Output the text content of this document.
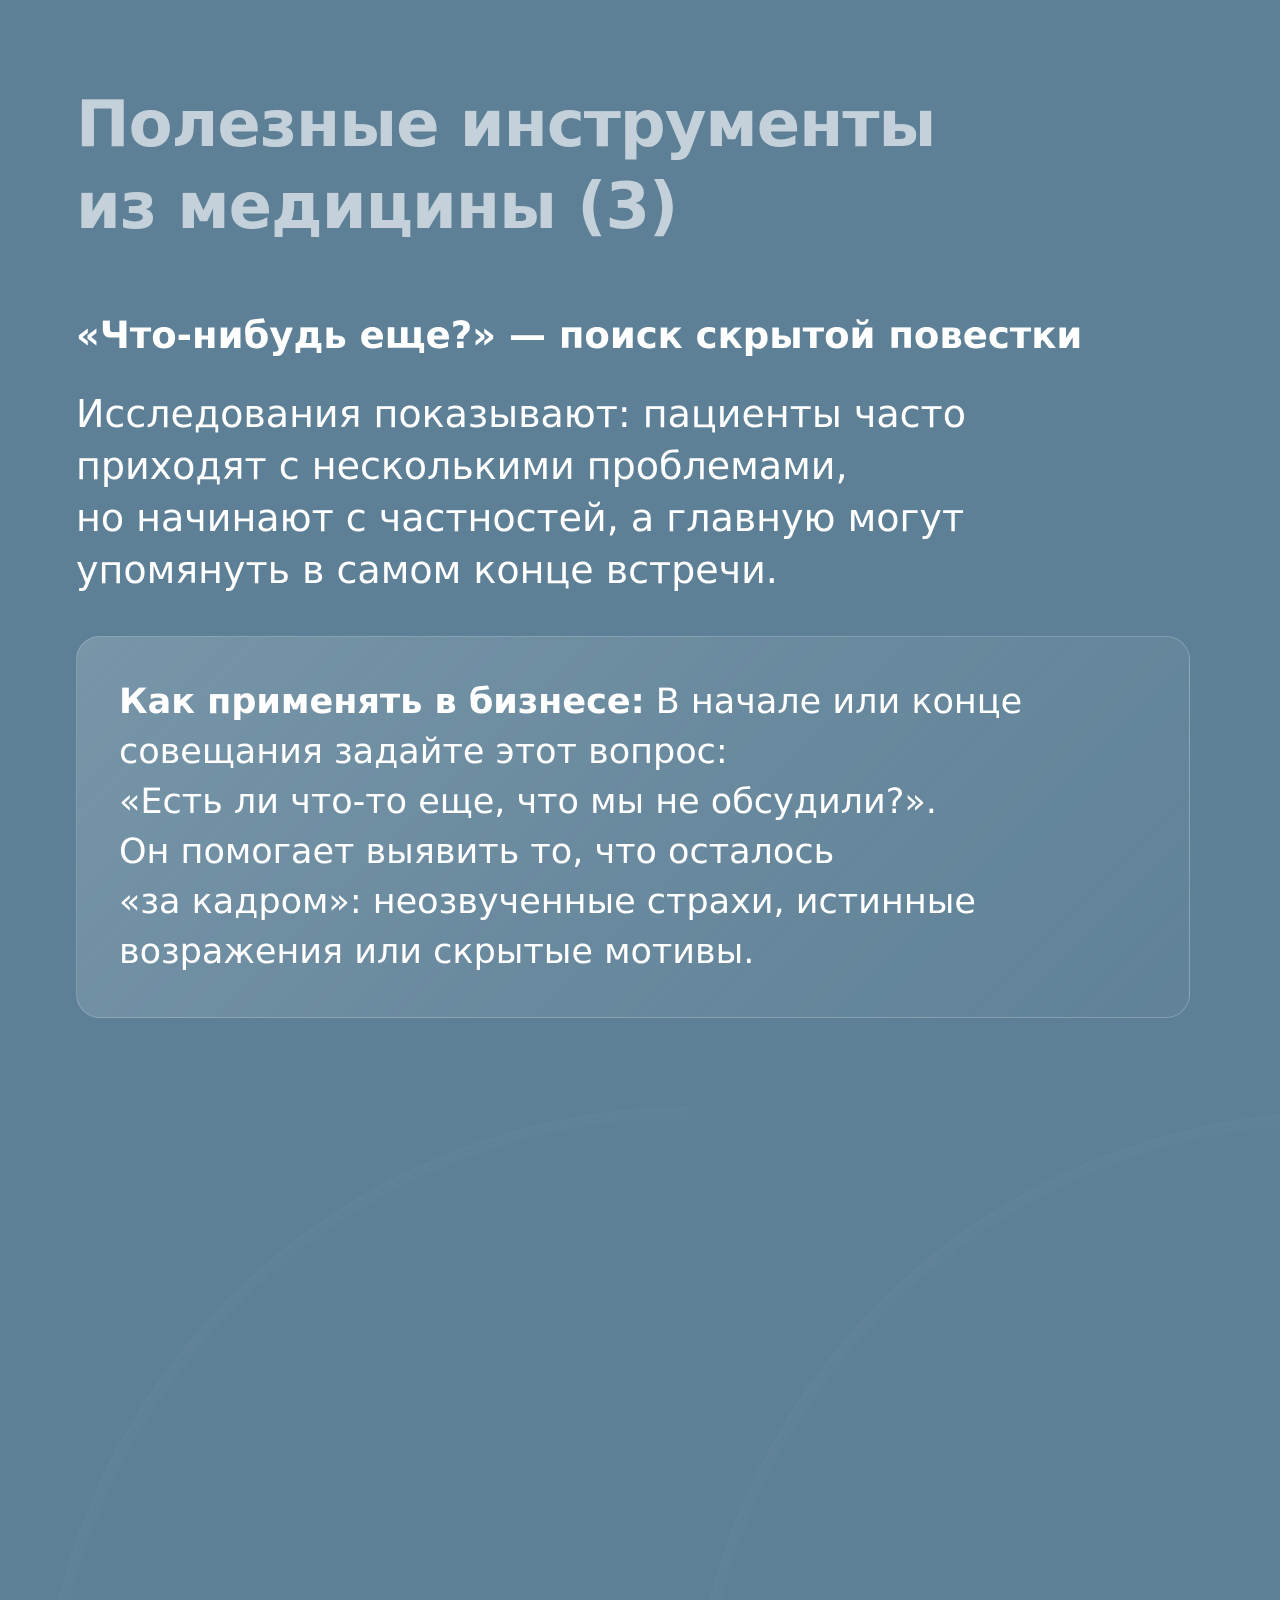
Полезные инструменты
из медицины (3)
«Что-нибудь еще?» — поиск скрытой повестки

Исследования показывают: пациенты часто
приходят с несколькими проблемами,
но начинают с частностей, а главную могут
упомянуть в самом конце встречи.

Как применять в бизнесе: В начале или конце
совещания задайте этот вопрос:
«Есть ли что-то еще, что мы не обсудили?».
Он помогает выявить то, что осталось
«за кадром»: неозвученные страхи, истинные
возражения или скрытые мотивы.
